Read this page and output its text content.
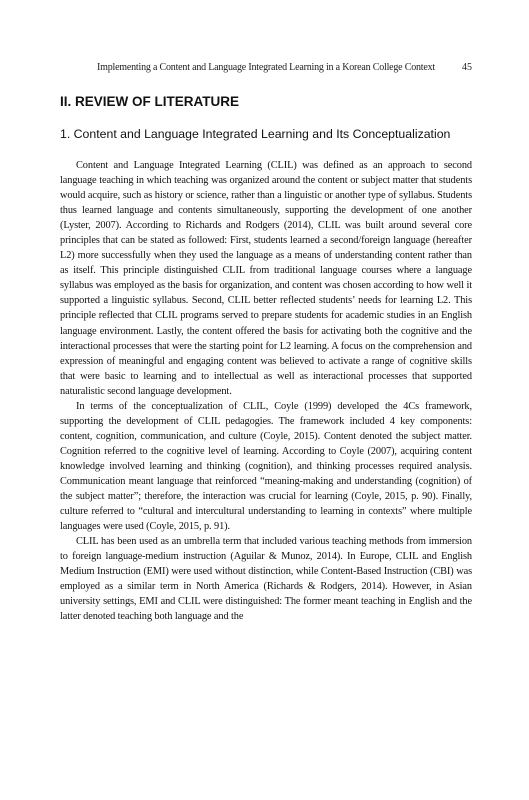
Implementing a Content and Language Integrated Learning in a Korean College Context	45
II. REVIEW OF LITERATURE
1. Content and Language Integrated Learning and Its Conceptualization

Content and Language Integrated Learning (CLIL) was defined as an approach to second language teaching in which teaching was organized around the content or subject matter that students would acquire, such as history or science, rather than a linguistic or another type of syllabus. Students thus learned language and contents simultaneously, supporting the development of one another (Lyster, 2007). According to Richards and Rodgers (2014), CLIL was built around several core principles that can be stated as followed: First, students learned a second/foreign language (hereafter L2) more successfully when they used the language as a means of understanding content rather than as itself. This principle distinguished CLIL from traditional language courses where a language syllabus was employed as the basis for organization, and content was chosen according to how well it supported a linguistic syllabus. Second, CLIL better reflected students’ needs for learning L2. This principle reflected that CLIL programs served to prepare students for academic studies in an English language environment. Lastly, the content offered the basis for activating both the cognitive and the interactional processes that were the starting point for L2 learning. A focus on the comprehension and expression of meaningful and engaging content was believed to activate a range of cognitive skills that were basic to learning and to intellectual as well as interactional processes that supported naturalistic second language development.

In terms of the conceptualization of CLIL, Coyle (1999) developed the 4Cs framework, supporting the development of CLIL pedagogies. The framework included 4 key components: content, cognition, communication, and culture (Coyle, 2015). Content denoted the subject matter. Cognition referred to the cognitive level of learning. According to Coyle (2007), acquiring content knowledge involved learning and thinking (cognition), and thinking processes required analysis. Communication meant language that reinforced “meaning-making and understanding (cognition) of the subject matter”; therefore, the interaction was crucial for learning (Coyle, 2015, p. 90). Finally, culture referred to “cultural and intercultural understanding to learning in contexts” where multiple languages were used (Coyle, 2015, p. 91).

CLIL has been used as an umbrella term that included various teaching methods from immersion to foreign language-medium instruction (Aguilar & Munoz, 2014). In Europe, CLIL and English Medium Instruction (EMI) were used without distinction, while Content-Based Instruction (CBI) was employed as a similar term in North America (Richards & Rodgers, 2014). However, in Asian university settings, EMI and CLIL were distinguished: The former meant teaching in English and the latter denoted teaching both language and the
